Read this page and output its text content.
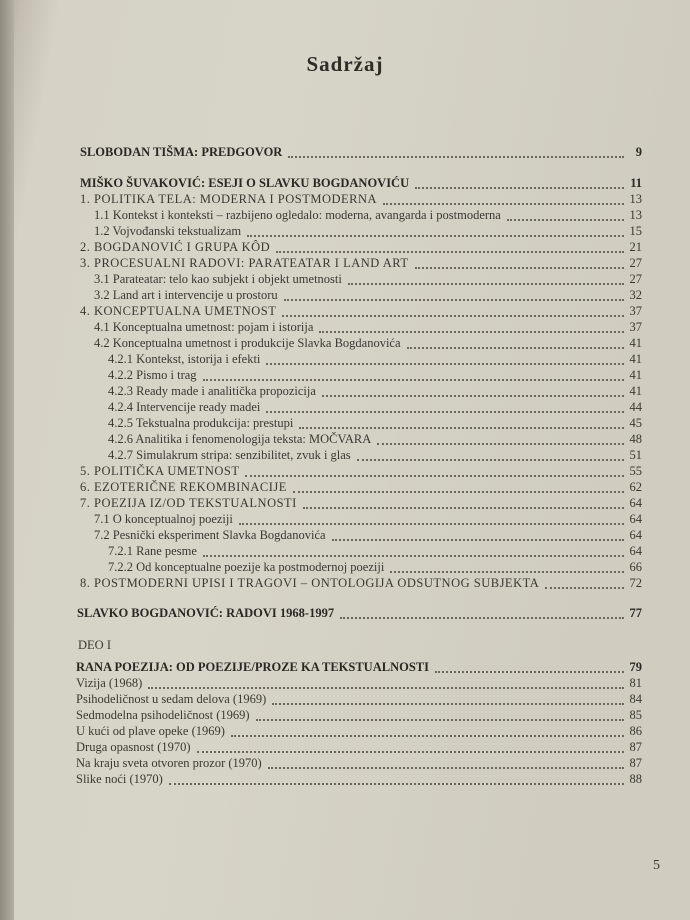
Sadržaj
SLOBODAN TIŠMA: PREDGOVOR	9
MIŠKO ŠUVAKOVIĆ: ESEJI O SLAVKU BOGDANOVIĆU	11
1. POLITIKA TELA: MODERNA I POSTMODERNA	13
1.1 Kontekst i konteksti – razbijeno ogledalo: moderna, avangarda i postmoderna	13
1.2 Vojvođanski tekstualizam	15
2. BOGDANOVIĆ I GRUPA KÔD	21
3. PROCESUALNI RADOVI: PARATEATAR I LAND ART	27
3.1 Parateatar: telo kao subjekt i objekt umetnosti	27
3.2 Land art i intervencije u prostoru	32
4. KONCEPTUALNA UMETNOST	37
4.1 Konceptualna umetnost: pojam i istorija	37
4.2 Konceptualna umetnost i produkcije Slavka Bogdanovića	41
4.2.1 Kontekst, istorija i efekti	41
4.2.2 Pismo i trag	41
4.2.3 Ready made i analitička propozicija	41
4.2.4 Intervencije ready madei	44
4.2.5 Tekstualna produkcija: prestupi	45
4.2.6 Analitika i fenomenologija teksta: MOČVARA	48
4.2.7 Simulakrum stripa: senzibilitet, zvuk i glas	51
5. POLITIČKA UMETNOST	55
6. EZOTERIČNE REKOMBINACIJE	62
7. POEZIJA IZ/OD TEKSTUALNOSTI	64
7.1 O konceptualnoj poeziji	64
7.2 Pesnički eksperiment Slavka Bogdanovića	64
7.2.1 Rane pesme	64
7.2.2 Od konceptualne poezije ka postmodernoj poeziji	66
8. POSTMODERNI UPISI I TRAGOVI – ONTOLOGIJA ODSUTNOG SUBJEKTA	72
SLAVKO BOGDANOVIĆ: RADOVI 1968-1997	77
RANA POEZIJA: OD POEZIJE/PROZE KA TEKSTUALNOSTI	79
Vizija (1968)	81
Psihodeličnost u sedam delova (1969)	84
Sedmodelna psihodeličnost (1969)	85
U kući od plave opeke (1969)	86
Druga opasnost (1970)	87
Na kraju sveta otvoren prozor (1970)	87
Slike noći (1970)	88
DEO I
5
